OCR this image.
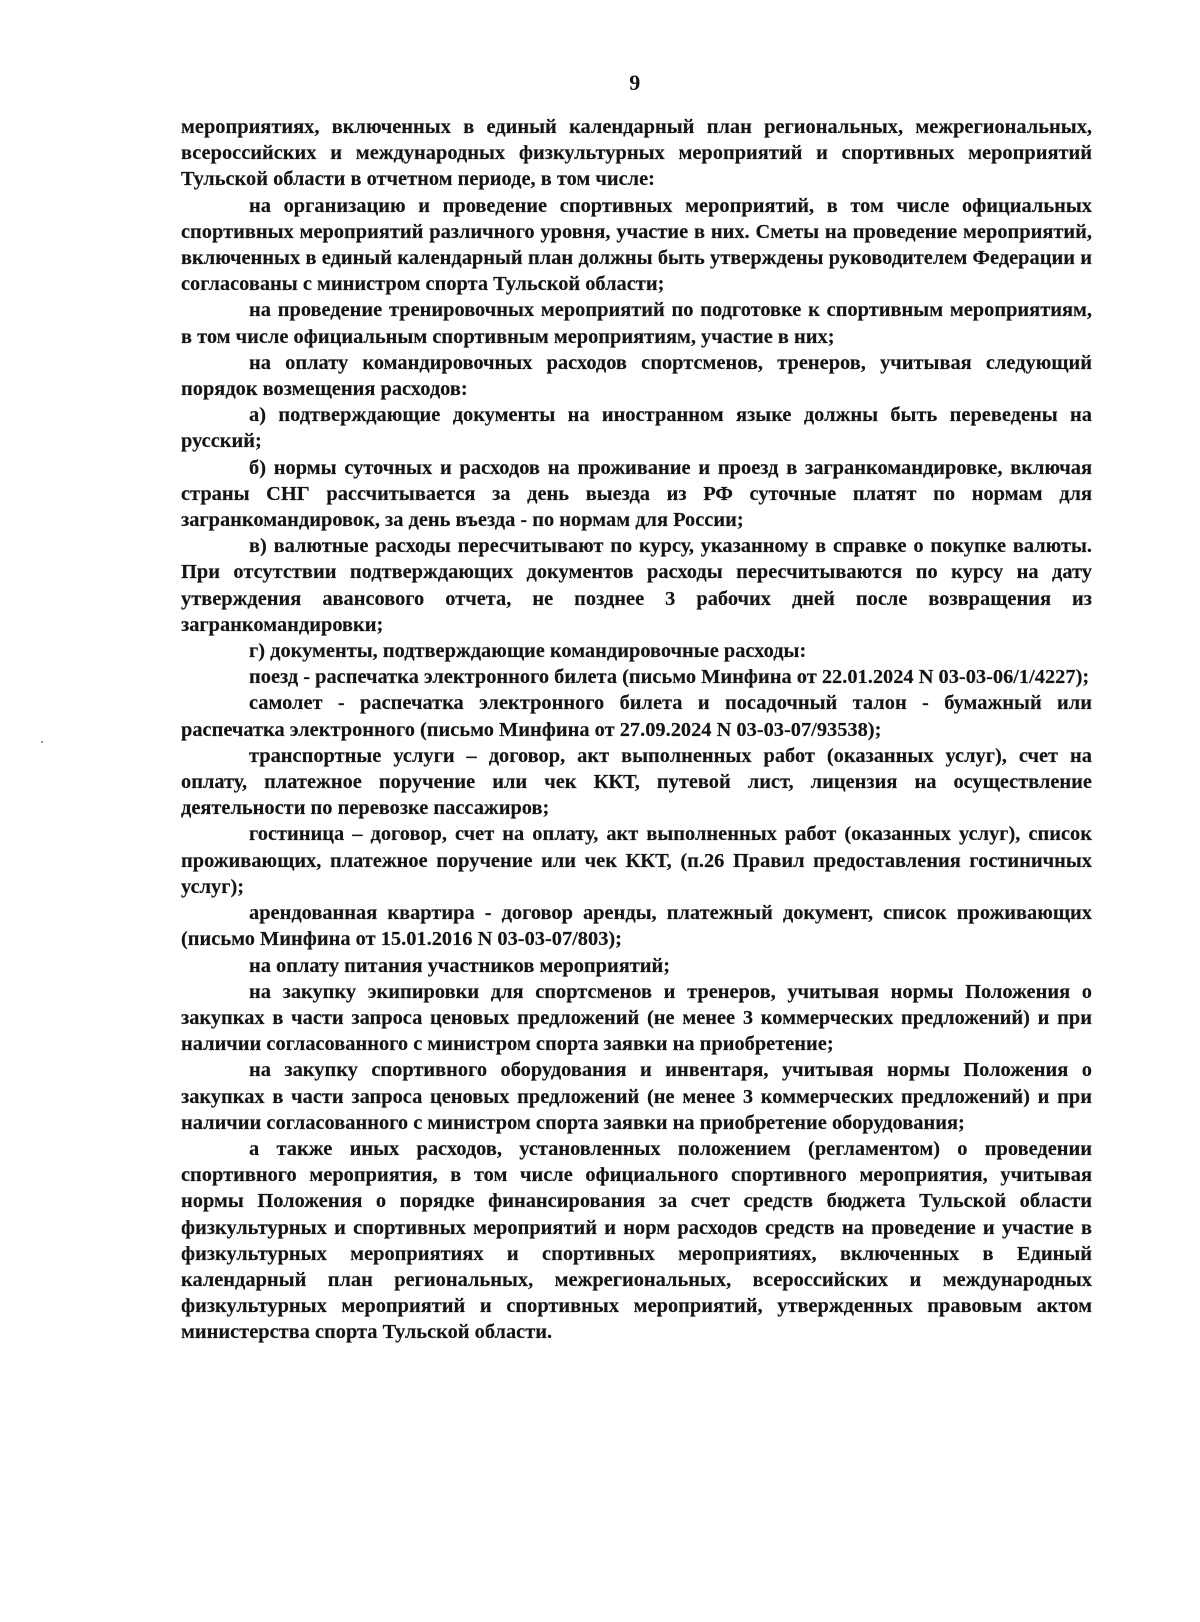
9

мероприятиях, включенных в единый календарный план региональных, межрегиональных, всероссийских и международных физкультурных мероприятий и спортивных мероприятий Тульской области в отчетном периоде, в том числе:

на организацию и проведение спортивных мероприятий, в том числе официальных спортивных мероприятий различного уровня, участие в них. Сметы на проведение мероприятий, включенных в единый календарный план должны быть утверждены руководителем Федерации и согласованы с министром спорта Тульской области;

на проведение тренировочных мероприятий по подготовке к спортивным мероприятиям, в том числе официальным спортивным мероприятиям, участие в них;

на оплату командировочных расходов спортсменов, тренеров, учитывая следующий порядок возмещения расходов:

а) подтверждающие документы на иностранном языке должны быть переведены на русский;

б) нормы суточных и расходов на проживание и проезд в загранкомандировке, включая страны СНГ рассчитывается за день выезда из РФ суточные платят по нормам для загранкомандировок, за день въезда - по нормам для России;

в) валютные расходы пересчитывают по курсу, указанному в справке о покупке валюты. При отсутствии подтверждающих документов расходы пересчитываются по курсу на дату утверждения авансового отчета, не позднее 3 рабочих дней после возвращения из загранкомандировки;

г) документы, подтверждающие командировочные расходы:

поезд - распечатка электронного билета (письмо Минфина от 22.01.2024 N 03-03-06/1/4227);

самолет - распечатка электронного билета и посадочный талон - бумажный или распечатка электронного (письмо Минфина от 27.09.2024 N 03-03-07/93538);

транспортные услуги – договор, акт выполненных работ (оказанных услуг), счет на оплату, платежное поручение или чек ККТ, путевой лист, лицензия на осуществление деятельности по перевозке пассажиров;

гостиница – договор, счет на оплату, акт выполненных работ (оказанных услуг), список проживающих, платежное поручение или чек ККТ, (п.26 Правил предоставления гостиничных услуг);

арендованная квартира - договор аренды, платежный документ, список проживающих (письмо Минфина от 15.01.2016 N 03-03-07/803);

на оплату питания участников мероприятий;

на закупку экипировки для спортсменов и тренеров, учитывая нормы Положения о закупках в части запроса ценовых предложений (не менее 3 коммерческих предложений) и при наличии согласованного с министром спорта заявки на приобретение;

на закупку спортивного оборудования и инвентаря, учитывая нормы Положения о закупках в части запроса ценовых предложений (не менее 3 коммерческих предложений) и при наличии согласованного с министром спорта заявки на приобретение оборудования;

а также иных расходов, установленных положением (регламентом) о проведении спортивного мероприятия, в том числе официального спортивного мероприятия, учитывая нормы Положения о порядке финансирования за счет средств бюджета Тульской области физкультурных и спортивных мероприятий и норм расходов средств на проведение и участие в физкультурных мероприятиях и спортивных мероприятиях, включенных в Единый календарный план региональных, межрегиональных, всероссийских и международных физкультурных мероприятий и спортивных мероприятий, утвержденных правовым актом министерства спорта Тульской области.
